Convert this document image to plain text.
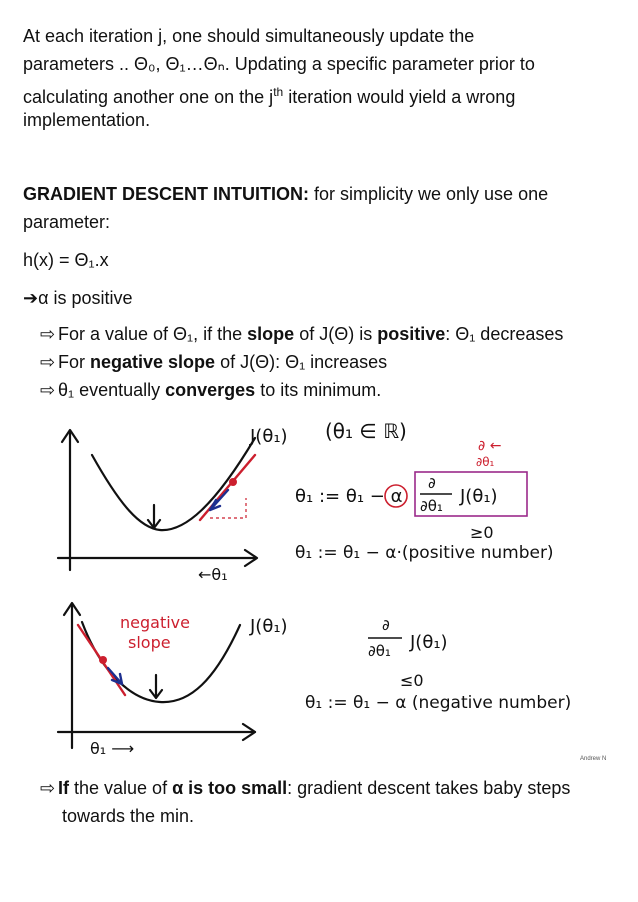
At each iteration j, one should simultaneously update the

parameters .. Θ₀, Θ₁…Θₙ. Updating a specific parameter prior to

calculating another one on the $j^{th}$ iteration would yield a wrong

implementation.

GRADIENT DESCENT INTUITION: for simplicity we only use one

parameter:

h(x) = Θ₁.x

➔α is positive

⇨ For a value of Θ₁, if the slope of J(Θ) is positive: Θ₁ decreases

⇨ For negative slope of J(Θ): Θ₁ increases

⇨ θ₁ eventually converges to its minimum.

J(θ₁) (θ₁ ∈ ℝ)
θ₁ := θ₁ − α
∂
∂θ₁ J(θ₁)
≥0
∂ ←
∂θ₁
θ₁ := θ₁ − α·(positive number)
←θ₁
negative
slope
J(θ₁)	∂
∂θ₁ J(θ₁)
≤0
θ₁ := θ₁ − α (negative number)
θ₁ ⟶
Andrew N

⇨ If the value of α is too small: gradient descent takes baby steps

towards the min.
